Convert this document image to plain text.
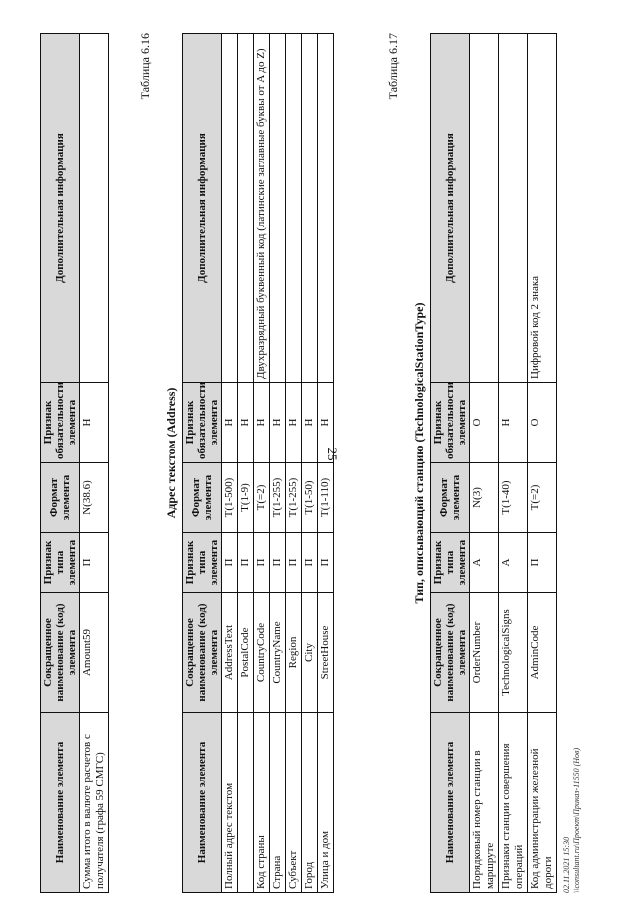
25
Наименование элемента	Сокращенное наименование (код) элемента	Признак типа элемента	Формат элемента	Признак обязательности элемента	Дополнительная информация
Сумма итого в валюте расчетов с получателя (графа 59 СМГС)	Amount59	П	N(38.6)	Н	
Таблица 6.16
Адрес текстом (Address)
Наименование элемента	Сокращенное наименование (код) элемента	Признак типа элемента	Формат элемента	Признак обязательности элемента	Дополнительная информация
Полный адрес текстом	AddressText	П	T(1-500)	Н	
	PostalCode	П	T(1-9)	Н	
Код страны	CountryCode	П	T(=2)	Н	Двухразрядный буквенный код (латинские заглавные буквы от A до Z)
Страна	CountryName	П	T(1-255)	Н	
Субъект	Region	П	T(1-255)	Н	
Город	City	П	T(1-50)	Н	
Улица и дом	StreetHouse	П	T(1-110)	Н	
Таблица 6.17
Тип, описывающий станцию (TechnologicalStationType)
Наименование элемента	Сокращенное наименование (код) элемента	Признак типа элемента	Формат элемента	Признак обязательности элемента	Дополнительная информация
Порядковый номер станции в маршруте	OrderNumber	А	N(3)	О	
Признаки станции совершения операций	TechnologicalSigns	А	T(1-40)	Н	
Код администрации железной дороги	AdminCode	П	T(=2)	О	Цифровой код 2 знака
02.11.2021 15:30 \\consultant.ru\Проект\Приказ-11550 (Нов)
